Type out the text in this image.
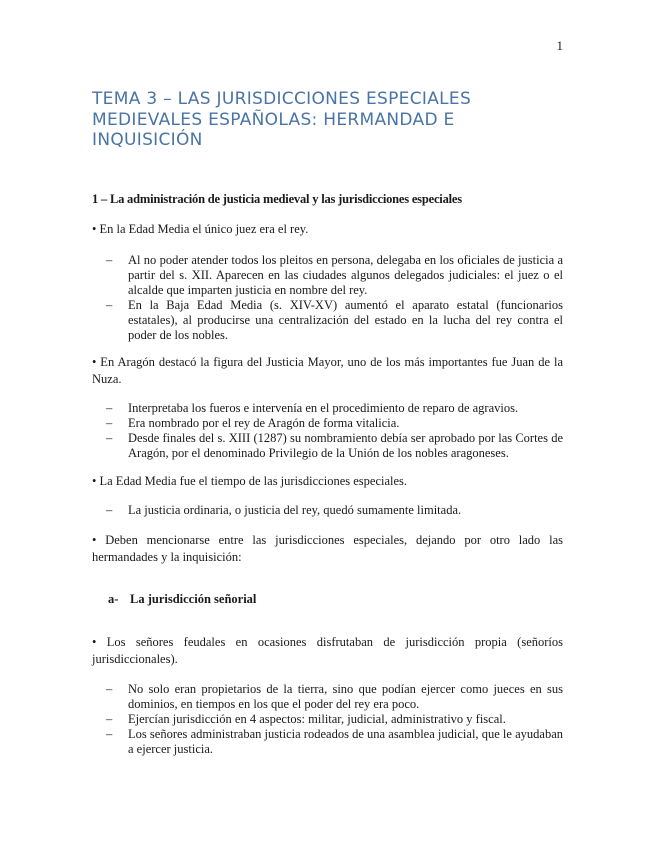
1
TEMA 3 – LAS JURISDICCIONES ESPECIALES MEDIEVALES ESPAÑOLAS: HERMANDAD E INQUISICIÓN
1 – La administración de justicia medieval y las jurisdicciones especiales

• En la Edad Media el único juez era el rey.

– Al no poder atender todos los pleitos en persona, delegaba en los oficiales de justicia a partir del s. XII. Aparecen en las ciudades algunos delegados judiciales: el juez o el alcalde que imparten justicia en nombre del rey.
– En la Baja Edad Media (s. XIV-XV) aumentó el aparato estatal (funcionarios estatales), al producirse una centralización del estado en la lucha del rey contra el poder de los nobles.

• En Aragón destacó la figura del Justicia Mayor, uno de los más importantes fue Juan de la Nuza.

– Interpretaba los fueros e intervenía en el procedimiento de reparo de agravios.
– Era nombrado por el rey de Aragón de forma vitalicia.
– Desde finales del s. XIII (1287) su nombramiento debía ser aprobado por las Cortes de Aragón, por el denominado Privilegio de la Unión de los nobles aragoneses.

• La Edad Media fue el tiempo de las jurisdicciones especiales.

– La justicia ordinaria, o justicia del rey, quedó sumamente limitada.

• Deben mencionarse entre las jurisdicciones especiales, dejando por otro lado las hermandades y la inquisición:

a- La jurisdicción señorial

• Los señores feudales en ocasiones disfrutaban de jurisdicción propia (señoríos jurisdiccionales).

– No solo eran propietarios de la tierra, sino que podían ejercer como jueces en sus dominios, en tiempos en los que el poder del rey era poco.
– Ejercían jurisdicción en 4 aspectos: militar, judicial, administrativo y fiscal.
– Los señores administraban justicia rodeados de una asamblea judicial, que le ayudaban a ejercer justicia.
